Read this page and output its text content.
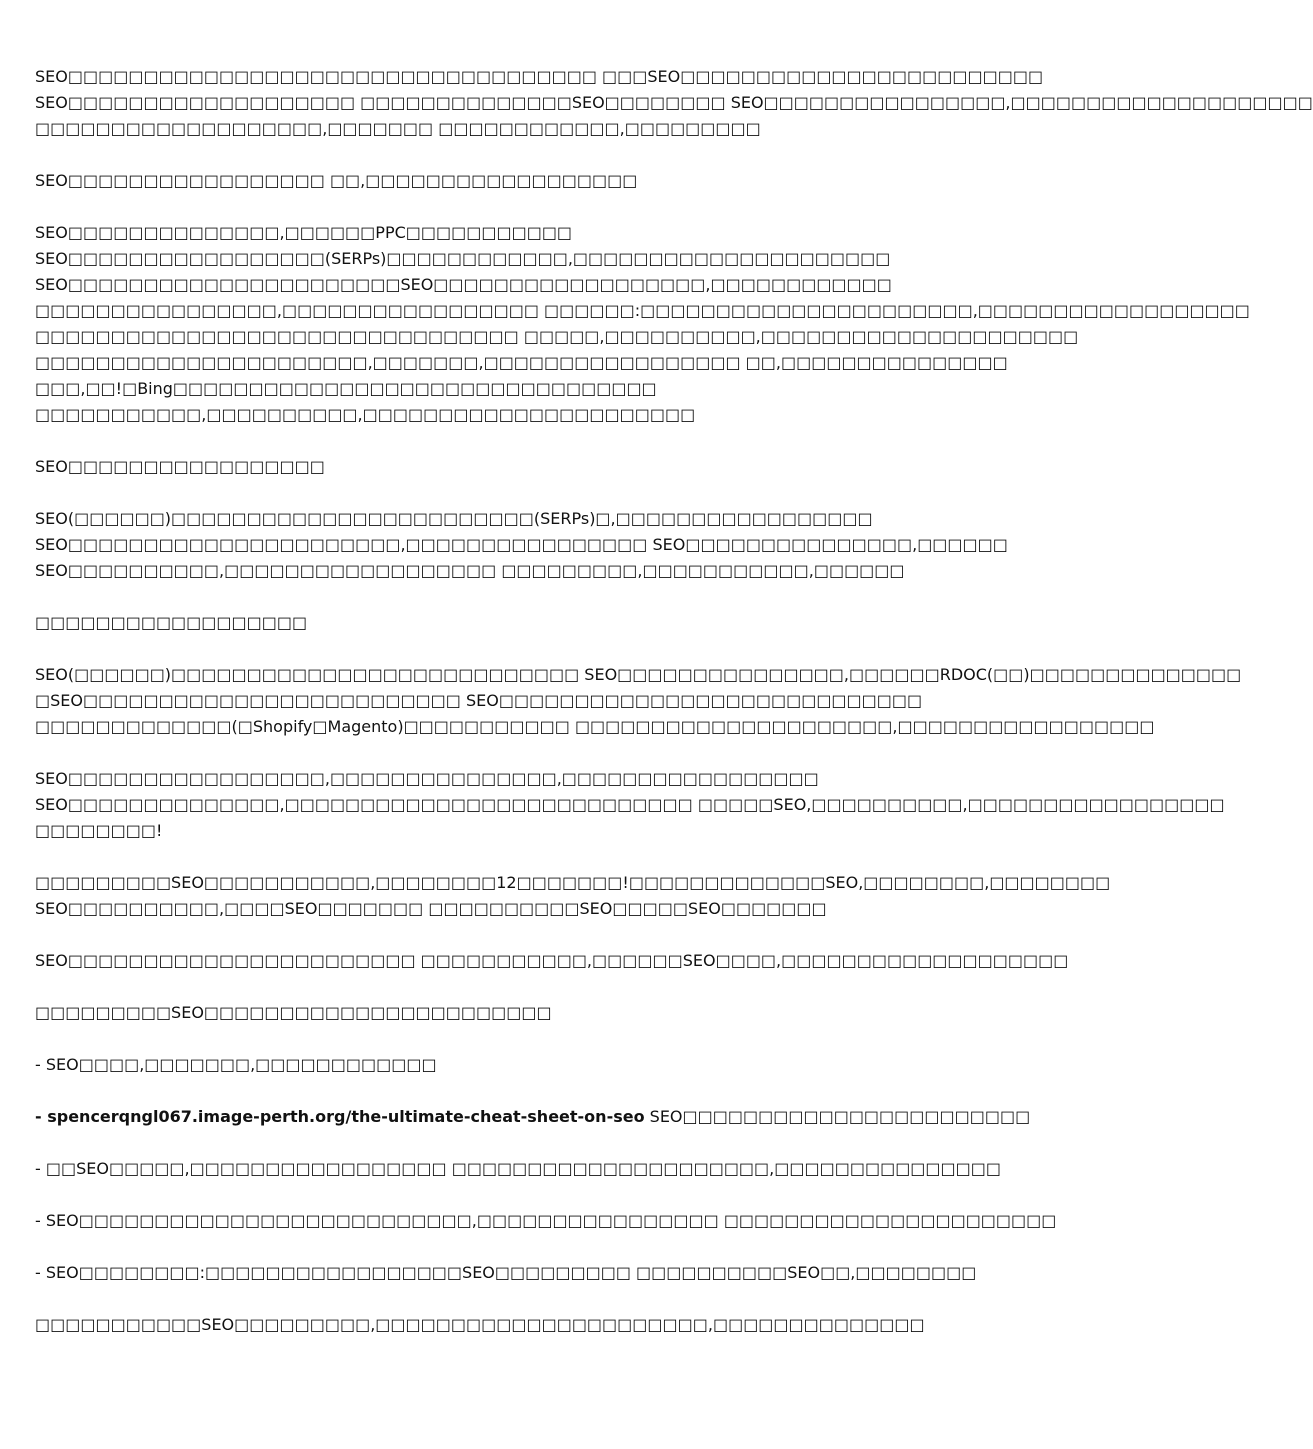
SEO□□□□□□□□□□□□□□□□□□□□□□□□□□□□□□□□□□□ □□□SEO□□□□□□□□□□□□□□□□□□□□□□□□
SEO□□□□□□□□□□□□□□□□□□□ □□□□□□□□□□□□□□SEO□□□□□□□□ SEO□□□□□□□□□□□□□□□□,□□□□□□□□□□□□□□□□□□□□
□□□□□□□□□□□□□□□□□□□,□□□□□□□ □□□□□□□□□□□□,□□□□□□□□□
SEO□□□□□□□□□□□□□□□□□ □□,□□□□□□□□□□□□□□□□□□
SEO□□□□□□□□□□□□□□,□□□□□□PPC□□□□□□□□□□□
SEO□□□□□□□□□□□□□□□□□(SERPs)□□□□□□□□□□□□,□□□□□□□□□□□□□□□□□□□□□
SEO□□□□□□□□□□□□□□□□□□□□□□SEO□□□□□□□□□□□□□□□□□□,□□□□□□□□□□□□
□□□□□□□□□□□□□□□□,□□□□□□□□□□□□□□□□□ □□□□□□:□□□□□□□□□□□□□□□□□□□□□□,□□□□□□□□□□□□□□□□□□
□□□□□□□□□□□□□□□□□□□□□□□□□□□□□□□□ □□□□□,□□□□□□□□□□,□□□□□□□□□□□□□□□□□□□□□
□□□□□□□□□□□□□□□□□□□□□□,□□□□□□□,□□□□□□□□□□□□□□□□□ □□,□□□□□□□□□□□□□□□
□□□,□□!□Bing□□□□□□□□□□□□□□□□□□□□□□□□□□□□□□□□
□□□□□□□□□□□,□□□□□□□□□□,□□□□□□□□□□□□□□□□□□□□□□
SEO□□□□□□□□□□□□□□□□□
SEO(□□□□□□)□□□□□□□□□□□□□□□□□□□□□□□□(SERPs)□,□□□□□□□□□□□□□□□□□
SEO□□□□□□□□□□□□□□□□□□□□□□,□□□□□□□□□□□□□□□□ SEO□□□□□□□□□□□□□□□,□□□□□□
SEO□□□□□□□□□□,□□□□□□□□□□□□□□□□□□ □□□□□□□□□,□□□□□□□□□□□,□□□□□□
□□□□□□□□□□□□□□□□□□
SEO(□□□□□□)□□□□□□□□□□□□□□□□□□□□□□□□□□□ SEO□□□□□□□□□□□□□□□,□□□□□□RDOC(□□)□□□□□□□□□□□□□□
□SEO□□□□□□□□□□□□□□□□□□□□□□□□□ SEO□□□□□□□□□□□□□□□□□□□□□□□□□□□□
□□□□□□□□□□□□□(□Shopify□Magento)□□□□□□□□□□□ □□□□□□□□□□□□□□□□□□□□□,□□□□□□□□□□□□□□□□□
SEO□□□□□□□□□□□□□□□□□,□□□□□□□□□□□□□□□,□□□□□□□□□□□□□□□□□
SEO□□□□□□□□□□□□□□,□□□□□□□□□□□□□□□□□□□□□□□□□□□ □□□□□SEO,□□□□□□□□□□,□□□□□□□□□□□□□□□□□
□□□□□□□□!
□□□□□□□□□SEO□□□□□□□□□□□,□□□□□□□□12□□□□□□□!□□□□□□□□□□□□□SEO,□□□□□□□□,□□□□□□□□
SEO□□□□□□□□□□,□□□□SEO□□□□□□□ □□□□□□□□□□SEO□□□□□SEO□□□□□□□
SEO□□□□□□□□□□□□□□□□□□□□□□□ □□□□□□□□□□□,□□□□□□SEO□□□□,□□□□□□□□□□□□□□□□□□□
□□□□□□□□□SEO□□□□□□□□□□□□□□□□□□□□□□□
- SEO□□□□,□□□□□□□,□□□□□□□□□□□□
- spencerqngl067.image-perth.org/the-ultimate-cheat-sheet-on-seo SEO□□□□□□□□□□□□□□□□□□□□□□□
- □□SEO□□□□□,□□□□□□□□□□□□□□□□□ □□□□□□□□□□□□□□□□□□□□□,□□□□□□□□□□□□□□□
- SEO□□□□□□□□□□□□□□□□□□□□□□□□□□,□□□□□□□□□□□□□□□□ □□□□□□□□□□□□□□□□□□□□□□
- SEO□□□□□□□□:□□□□□□□□□□□□□□□□□SEO□□□□□□□□□ □□□□□□□□□□SEO□□,□□□□□□□□
□□□□□□□□□□□SEO□□□□□□□□□,□□□□□□□□□□□□□□□□□□□□□□,□□□□□□□□□□□□□□
